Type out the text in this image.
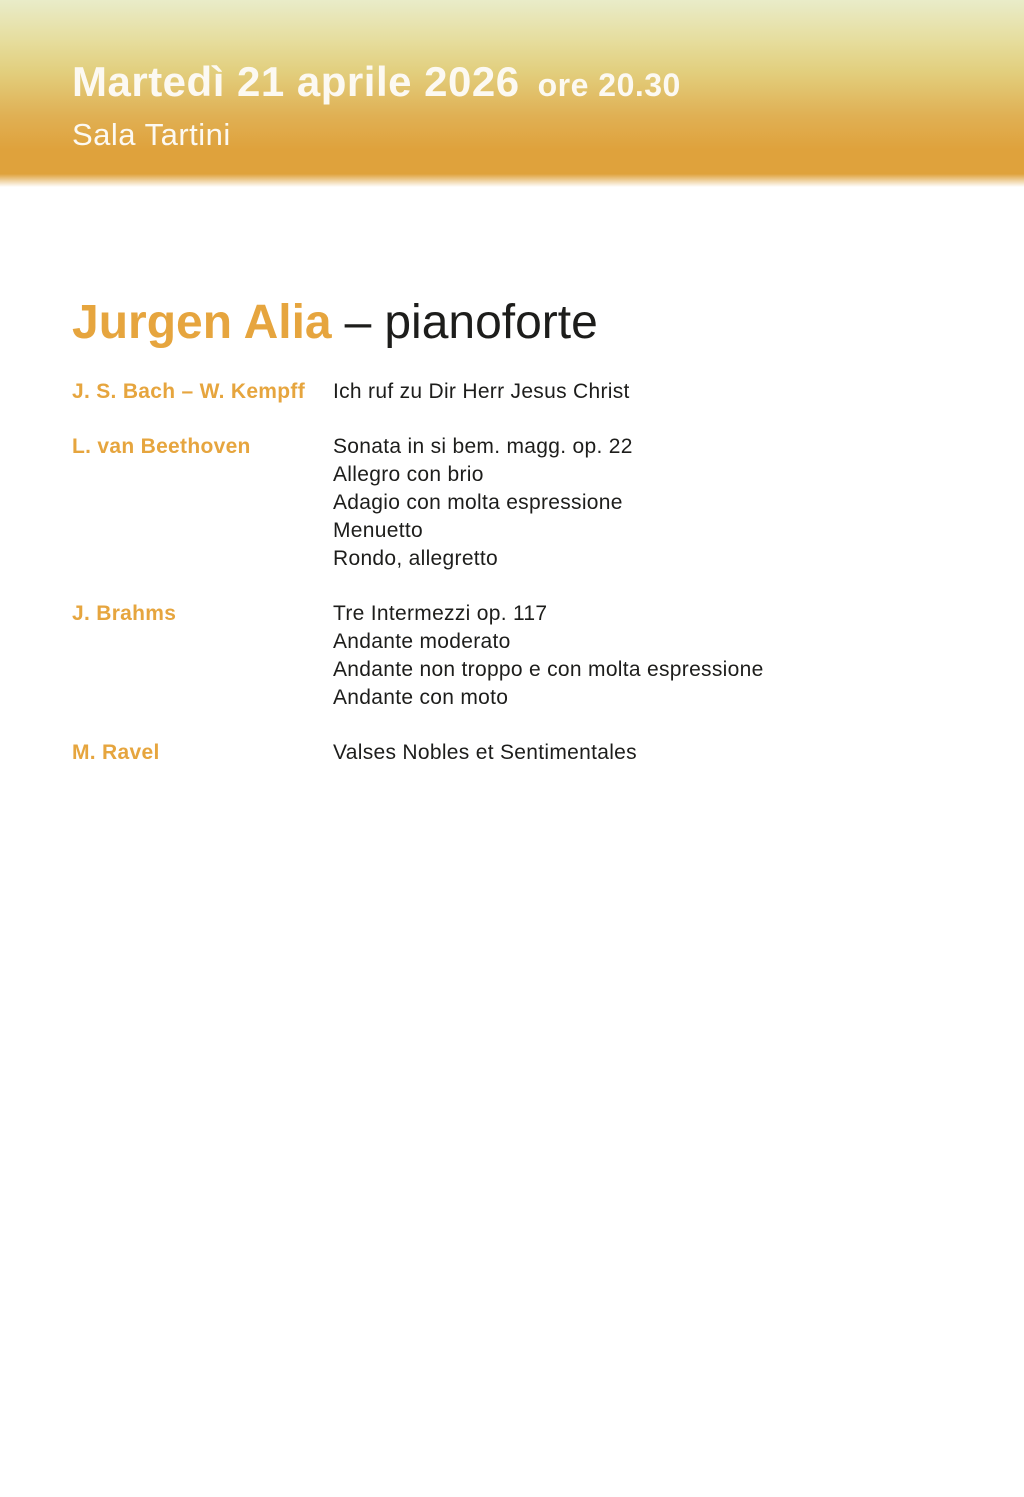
Martedì 21 aprile 2026 ore 20.30
Sala Tartini
Jurgen Alia – pianoforte
J. S. Bach – W. Kempff	Ich ruf zu Dir Herr Jesus Christ
L. van Beethoven	Sonata in si bem. magg. op. 22
Allegro con brio
Adagio con molta espressione
Menuetto
Rondo, allegretto
J. Brahms	Tre Intermezzi op. 117
Andante moderato
Andante non troppo e con molta espressione
Andante con moto
M. Ravel	Valses Nobles et Sentimentales
